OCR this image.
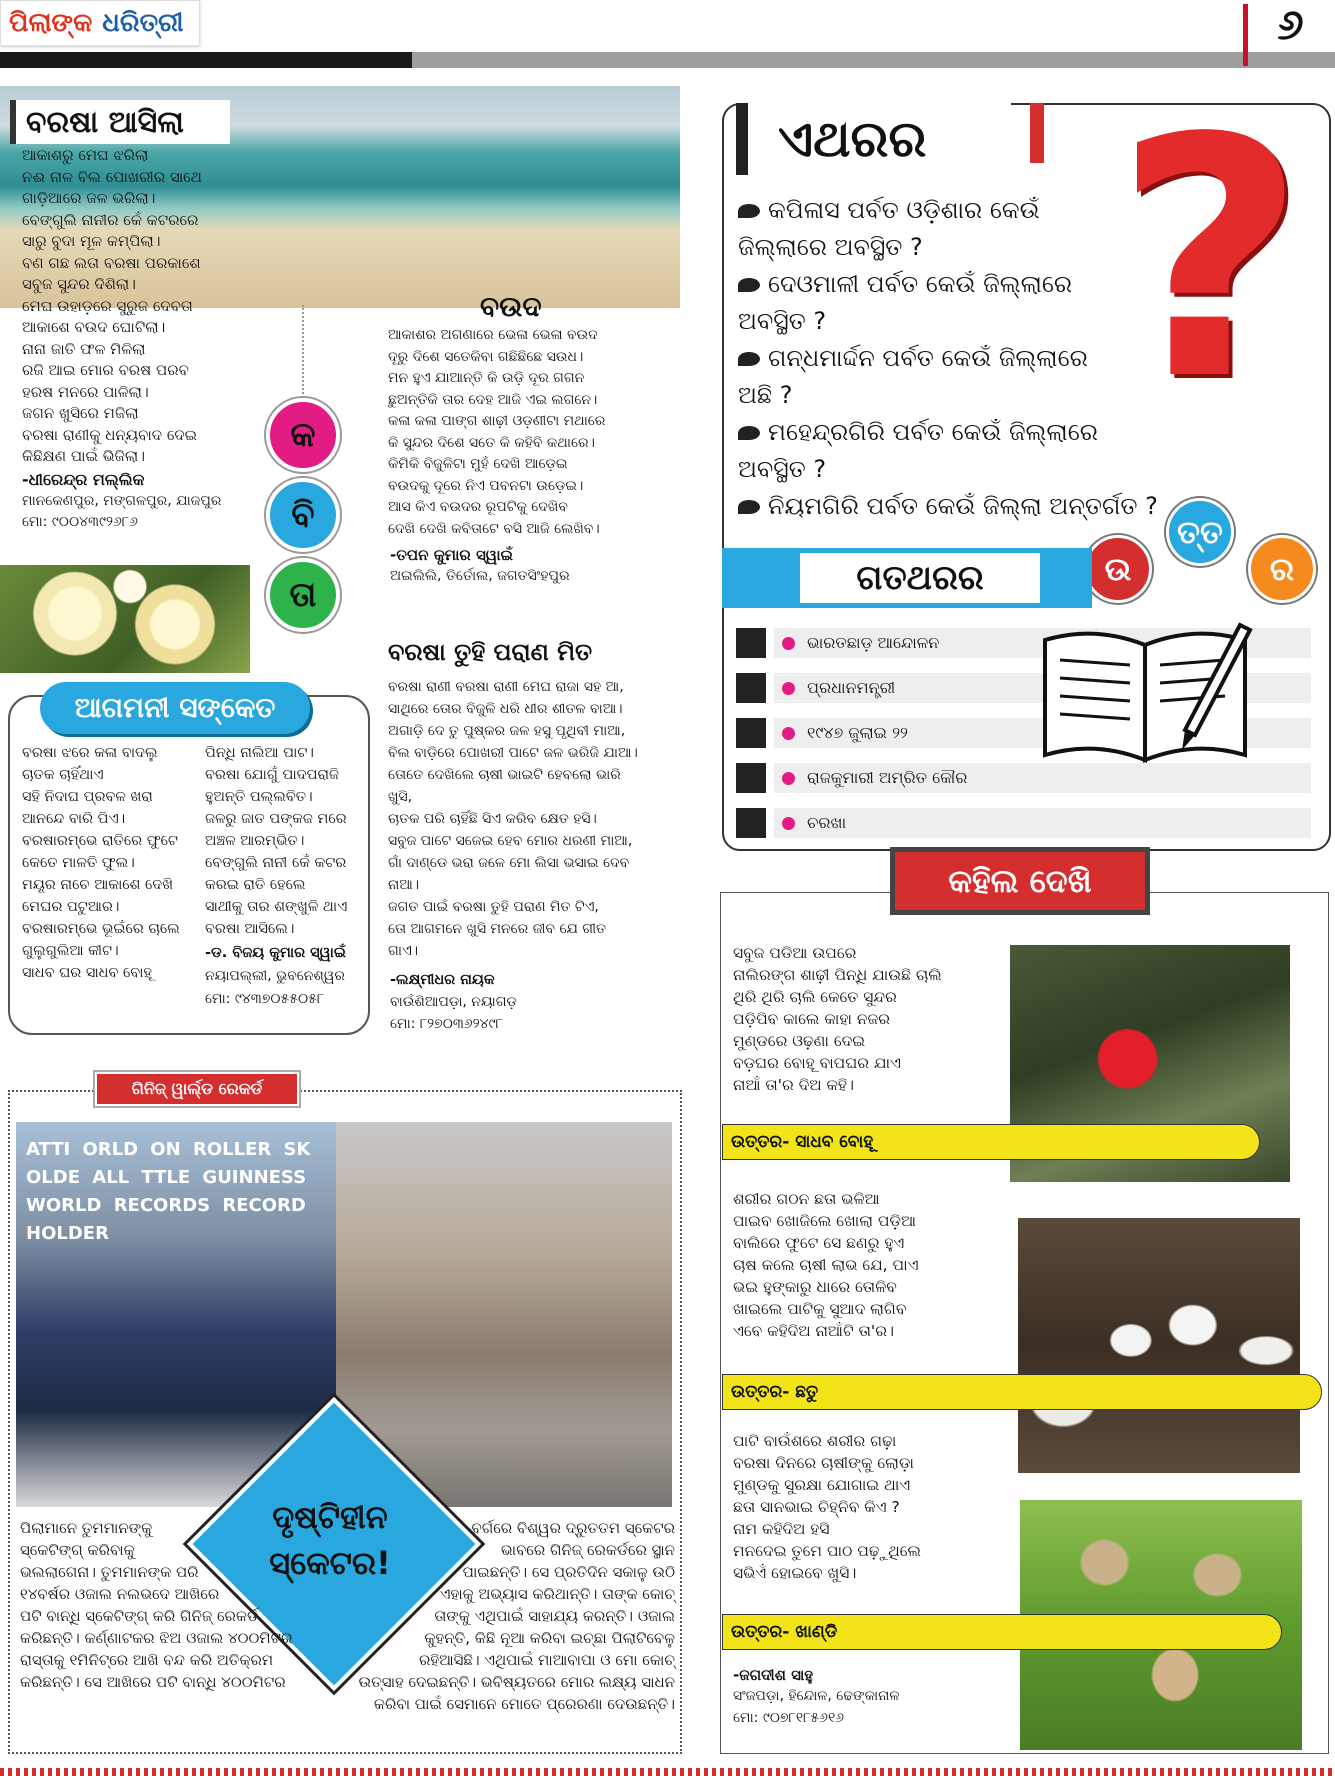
ପିଲାଙ୍କ ଧରିତ୍ରୀ	୬
ବରଷା ଆସିଲା
ଆକାଶରୁ ମେଘ ଝରିଲା
ନଈ ନାଳ ବିଲ ପୋଖରୀର ସାଥେ
ଗାଡ଼ିଆରେ ଜଳ ଭରିଲା।
ବେଙ୍ଗୁଲି ନାନୀର କେଁ କଟରରେ
ସାରୁ ବୁଦା ମୂଳ କମ୍ପିଲା।
ବଣ ଗଛ ଲତା ବରଷା ପରକାଶେ
ସବୁଜ ସୁନ୍ଦର ଦିଶିଲା।
ମେଘ ଉହାଡ଼ରେ ସୁରୁଜ ଦେବତା
ଆକାଶେ ବଉଦ ଘୋଟିଲା।
ନାନା ଜାତି ଫଳ ମିଳିଲା
ରଜି ଆଇ ମୋର ବରଷ ପରବ
ହରଷ ମନରେ ପାଳିଲା।
ଜଗନ ଖୁସିରେ ମଜିଲା
ବରଷା ରାଣୀକୁ ଧନ୍ୟବାଦ ଦେଇ
କିଛିକ୍ଷଣ ପାଇଁ ଭିଜିଲା।
-ଧୀରେନ୍ଦ୍ର ମଲ୍ଲିକ
ମାନକେଣପୁର, ମଙ୍ଗଳପୁର, ଯାଜପୁର
ମୋ: ୯୦୦୪୩୯୨୬୮୬
କ
ବି
ତା
ବଉଦ
ଆକାଶର ଅଗଣାରେ ଭେଳା ଭେଳା ବଉଦ
ଦୂରୁ ଦିଶେ ସତେକିବା ଗଛିଛିଛେ ସଉଧ।
ମନ ହୁଏ ଯାଆନ୍ତି କି ଉଡ଼ି ଦୂର ଗଗନ
ଛୁଅନ୍ତିକି ତାର ଦେହ ଆଜି ଏଇ ଲଗନେ।
କଳା କଳା ପାଙ୍ଗ ଶାଢ଼ୀ ଓଡ଼ଣୀଟା ମଥାରେ
କି ସୁନ୍ଦର ଦିଶେ ସତେ କି କହିବି କଥାରେ।
କିମିକି ବିଜୁଳିଟା ମୁହଁ ଦେଖି ଆଡ଼େଇ
ବଉଦକୁ ଦୂରେ ନିଏ ପବନଟା ଉଡ଼େଇ।
ଆସ କିଏ ବଉଦର ରୂପଟିକୁ ଦେଖିବ
ଦେଖି ଦେଖି କବିତାଟେ ବସି ଆଜି ଲେଖିବ।
-ତପନ କୁମାର ସ୍ୱାଇଁ
ଅଇଲିଲି, ତିର୍ତୋଲ, ଜଗତସିଂହପୁର
ଆଗମନୀ ସଙ୍କେତ
ବରଷା ଝରେ କଳା ବାଦଲୁ
ଚାତକ ଚାହିଁଥାଏ
ସହି ନିଦାଘ ପ୍ରବଳ ଖରା
ଆନନ୍ଦେ ବାରି ପିଏ।
ବରଷାରମ୍ଭେ ରାତିରେ ଫୁଟେ
କେତେ ମାଳତି ଫୁଲ।
ମୟୂର ନାଚେ ଆକାଶେ ଦେଖି
ମେଘର ପଟୁଆର।
ବରଷାରମ୍ଭେ ଭୂଇଁରେ ଚାଲେ
ଗୁଲୁଗୁଲିଆ କୀଟ।
ସାଧବ ଘର ସାଧବ ବୋହୂ
ପିନ୍ଧି ନାଲିଆ ପାଟ।
ବରଷା ଯୋଗୁଁ ପାଦପରାଜି
ହୁଅନ୍ତି ପଲ୍ଲବିତ।
ଜଳରୁ ଜାତ ପଙ୍କଜ ମରେ
ଅଞ୍ଚଳ ଆରମ୍ଭିତ।
ବେଙ୍ଗୁଲି ନାନୀ କେଁ କଟର
କରଇ ରାତି ହେଲେ
ସାଥୀକୁ ତାର ଶଙ୍ଖୁଳି ଥାଏ
ବରଷା ଆସିଲେ।
-ଡ. ବିଜୟ କୁମାର ସ୍ୱାଇଁ
ନୟାପଲ୍ଲୀ, ଭୁବନେଶ୍ୱର
ମୋ: ୯୪୩୭୦୫୫୦୫୮
ବରଷା ତୁହି ପରାଣ ମିତ
ବରଷା ରାଣୀ ବରଷା ରାଣୀ ମେଘ ରାଜା ସହ ଆ,
ସାଥିରେ ତୋର ବିଜୁଳି ଧରି ଧୀର ଶୀତଳ ବାଆ।
ଅଗାଡ଼ି ଦେ ତୁ ପୁଷ୍କର ଜଳ ହସୁ ପୃଥିବୀ ମାଆ,
ବିଲ ବାଡ଼ିରେ ପୋଖରୀ ପାଟେ ଜଳ ଭରିଜି ଯାଆ।
ତୋତେ ଦେଖିଲେ ଚାଷୀ ଭାଇଟି ହେବଲୋ ଭାରି
ଖୁସି,
ଚାତକ ପରି ଚାହିଁଛି ସିଏ କରିବ କ୍ଷେତ ହସି।
ସବୁଜ ପାଟେ ସଜେଇ ହେବ ମୋର ଧରଣୀ ମାଆ,
ଗାଁ ଦାଣ୍ଡେ ଭରା ଜଳେ ମୋ ଲିସା ଭସାଇ ଦେବ
ନାଆ।
ଜଗତ ପାଇଁ ବରଷା ତୁହି ପରାଣ ମିତ ଟିଏ,
ତୋ ଆଗମନେ ଖୁସି ମନରେ ଜୀବ ଯେ ଗୀତ
ଗାଏ।
-ଲକ୍ଷ୍ମୀଧର ନାୟକ
ବାଉଁଶିଆପଡ଼ା, ନୟାଗଡ଼
ମୋ: ୮୨୭୦୩୬୨୪୯୮
?
ଏଥରର
କପିଳାସ ପର୍ବତ ଓଡ଼ିଶାର କେଉଁ
ଜିଲ୍ଲାରେ ଅବସ୍ଥିତ ?
ଦେଓମାଳୀ ପର୍ବତ କେଉଁ ଜିଲ୍ଲାରେ
ଅବସ୍ଥିତ ?
ଗନ୍ଧମାର୍ଦ୍ଦନ ପର୍ବତ କେଉଁ ଜିଲ୍ଲାରେ
ଅଛି ?
ମହେନ୍ଦ୍ରଗିରି ପର୍ବତ କେଉଁ ଜିଲ୍ଲାରେ
ଅବସ୍ଥିତ ?
ନିୟମଗିରି ପର୍ବତ କେଉଁ ଜିଲ୍ଲା ଅନ୍ତର୍ଗତ ?
ଉ
ତ୍ତ
ର
ଗତଥରର
ଭାରତଛାଡ଼ ଆନ୍ଦୋଳନ
ପ୍ରଧାନମନ୍ତ୍ରୀ
୧୯୪୭ ଜୁଲାଇ ୨୨
ରାଜକୁମାରୀ ଅମ୍ରିତ କୌର
ଚରଖା
କହିଲ ଦେଖି
ସବୁଜ ପଡିଆ ଉପରେ
ନାଲିରଙ୍ଗ ଶାଢ଼ୀ ପିନ୍ଧି ଯାଉଛି ଚାଲି
ଥିରି ଥିରି ଚାଲି କେତେ ସୁନ୍ଦର
ପଡ଼ିପିବ କାଲେ କାହା ନଜର
ମୁଣ୍ଡରେ ଓଢ଼ଣା ଦେଇ
ବଡ଼ଘର ବୋହୂ ବାପଘର ଯାଏ
ନାଆଁ ତା'ର ଦିଅ କହି।
ଉତ୍ତର- ସାଧବ ବୋହୂ
ଶରୀର ଗଠନ ଛତା ଭଳିଆ
ପାଇବ ଖୋଜିଲେ ଖୋଲା ପଡ଼ିଆ
ବାଲିରେ ଫୁଟେ ସେ ଛଣରୁ ହୁଏ
ଚାଷ କଲେ ଚାଷୀ ଲାଭ ଯେ, ପାଏ
ଭଇ ହୁଙ୍କାରୁ ଧାରେ ତୋଳିବ
ଖାଇଲେ ପାଟିକୁ ସୁଆଦ ଲାଗିବ
ଏବେ କହିଦିଅ ନାଆଁଟି ତା'ର।
ଉତ୍ତର- ଛତୁ
ପାଟି ବାଉଁଶରେ ଶରୀର ଗଢ଼ା
ବରଷା ଦିନରେ ଚାଷୀଙ୍କୁ ଲୋଡ଼ା
ମୁଣ୍ଡକୁ ସୁରକ୍ଷା ଯୋଗାଇ ଥାଏ
ଛତା ସାନଭାଇ ଚିହ୍ନିବ କିଏ ?
ନାମ କହିଦିଅ ହସି
ମନଦେଇ ତୁମେ ପାଠ ପଢ଼ୁଥିଲେ
ସଭିଏଁ ହୋଇବେ ଖୁସି।
ଉତ୍ତର- ଖାଣ୍ଡି
-ଜଗଦୀଶ ସାହୁ
ସଂଜପଡ଼ା, ହିନ୍ଦୋଳ, ଢେଙ୍କାନାଳ
ମୋ: ୯୦୭୮୧୮୫୬୧୬
ATTI ORLD ON ROLLER SK OLDE ALL TTLE GUINNESS WORLD RECORDS RECORD HOLDER
ଗିନିଜ୍ ୱାର୍ଲ୍ଡ ରେକର୍ଡ
ଦୃଷ୍ଟିହୀନ
ସ୍କେଟର!
ପିଲାମାନେ ତୁମମାନଙ୍କୁ
ସ୍କେଟିଙ୍ଗ୍ କରିବାକୁ
ଭଲଲାଗେନା। ତୁମମାନଙ୍କ ପରି
୧୪ବର୍ଷର ଓଜାଲ ନଲଭଦେ ଆଖିରେ
ପଟି ବାନ୍ଧି ସ୍କେଟିଙ୍ଗ୍ କରି ଗିନିଜ୍ ରେକର୍ଡ
କରିଛନ୍ତି। କର୍ଣ୍ଣାଟକର ଝିଅ ଓଜାଲ ୪୦୦ମିଟର
ରାସ୍ତାକୁ ୧ମିନିଟ୍‌ରେ ଆଖି ବନ୍ଦ କରି ଅତିକ୍ରମ
କରିଛନ୍ତି। ସେ ଆଖିରେ ପଟି ବାନ୍ଧି ୪୦୦ମିଟର
ବର୍ଗରେ ବିଶ୍ୱର ଦ୍ରୁତତମ ସ୍କେଟର
ଭାବରେ ଗିନିଜ୍ ରେକର୍ଡରେ ସ୍ଥାନ
ପାଇଛନ୍ତି। ସେ ପ୍ରତିଦିନ ସକାଳୁ ଉଠି
ଏହାକୁ ଅଭ୍ୟାସ କରିଥାନ୍ତି। ତାଙ୍କ କୋଚ୍
ତାଙ୍କୁ ଏଥିପାଇଁ ସାହାଯ୍ୟ କରନ୍ତି। ଓଜାଲ
କୁହନ୍ତି, କିଛି ନୂଆ କରିବା ଇଚ୍ଛା ପିଲାଟିବେଳୁ
ରହିଆସିଛି। ଏଥିପାଇଁ ମାଆବାପା ଓ ମୋ କୋଚ୍
ଉତ୍ସାହ ଦେଇଛନ୍ତି। ଭବିଷ୍ୟତରେ ମୋର ଲକ୍ଷ୍ୟ ସାଧନ
କରିବା ପାଇଁ ସେମାନେ ମୋତେ ପ୍ରେରଣା ଦେଉଛନ୍ତି।
